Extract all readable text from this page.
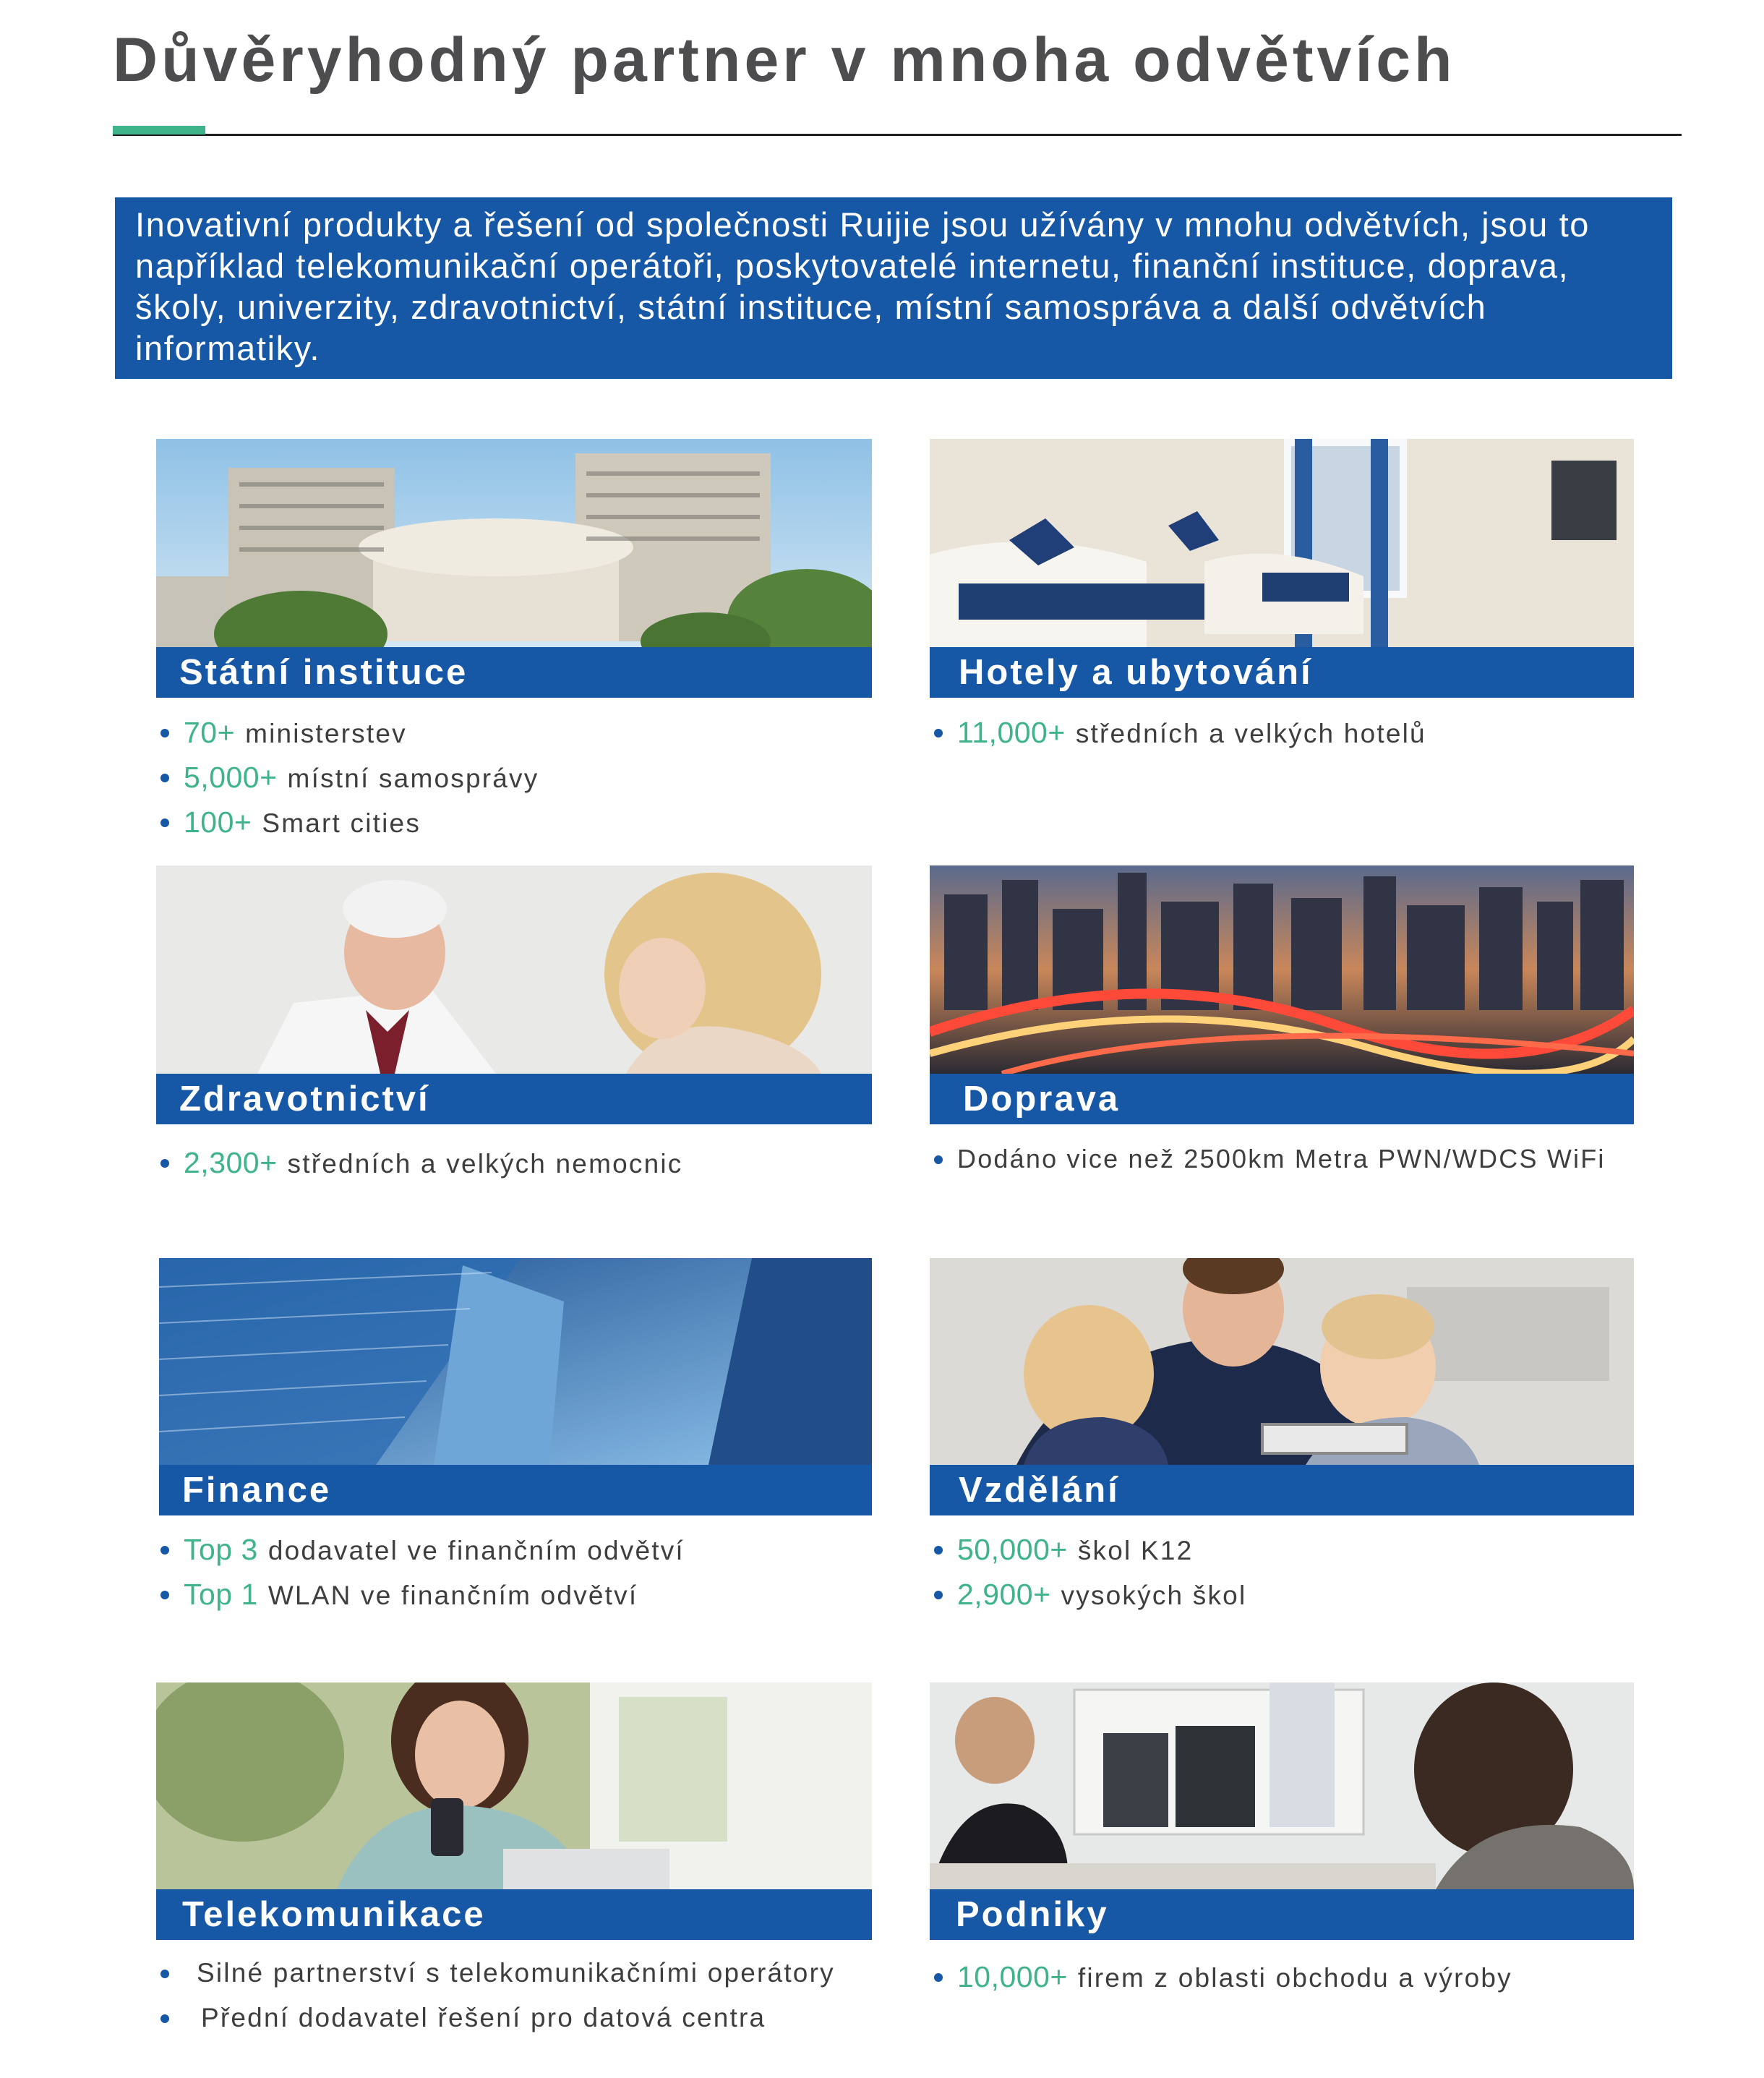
Důvěryhodný partner v mnoha odvětvích
Inovativní produkty a řešení od společnosti Ruijie jsou užívány v mnohu odvětvích, jsou to například telekomunikační operátoři, poskytovatelé internetu, finanční instituce, doprava, školy, univerzity, zdravotnictví, státní instituce, místní samospráva a další odvětvích informatiky.
Státní instituce
70+ ministerstev
5,000+ místní samosprávy
100+ Smart cities
Hotely a ubytování
11,000+ středních a velkých hotelů
Zdravotnictví
2,300+ středních a velkých nemocnic
Doprava
Dodáno vice než 2500km Metra PWN/WDCS WiFi
Finance
Top 3 dodavatel ve finančním odvětví
Top 1 WLAN ve finančním odvětví
Vzdělání
50,000+ škol K12
2,900+ vysokých škol
Telekomunikace
Silné partnerství s telekomunikačními operátory
Přední dodavatel řešení pro datová centra
Podniky
10,000+ firem z oblasti obchodu a výroby
